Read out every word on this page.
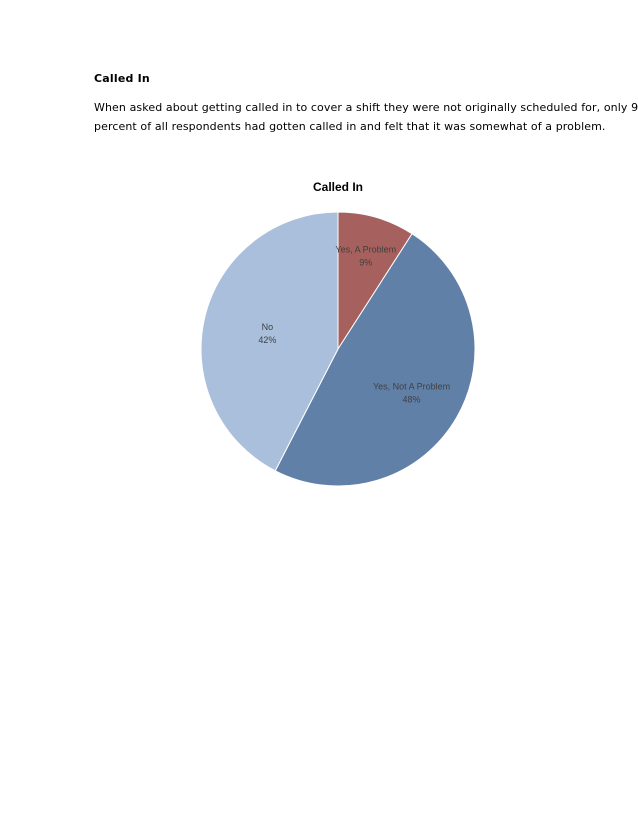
Called In
When asked about getting called in to cover a shift they were not originally scheduled for, only 9
percent of all respondents had gotten called in and felt that it was somewhat of a problem.
Called In
Yes, A Problem
9%
Yes, Not A Problem
48%
No
42%
